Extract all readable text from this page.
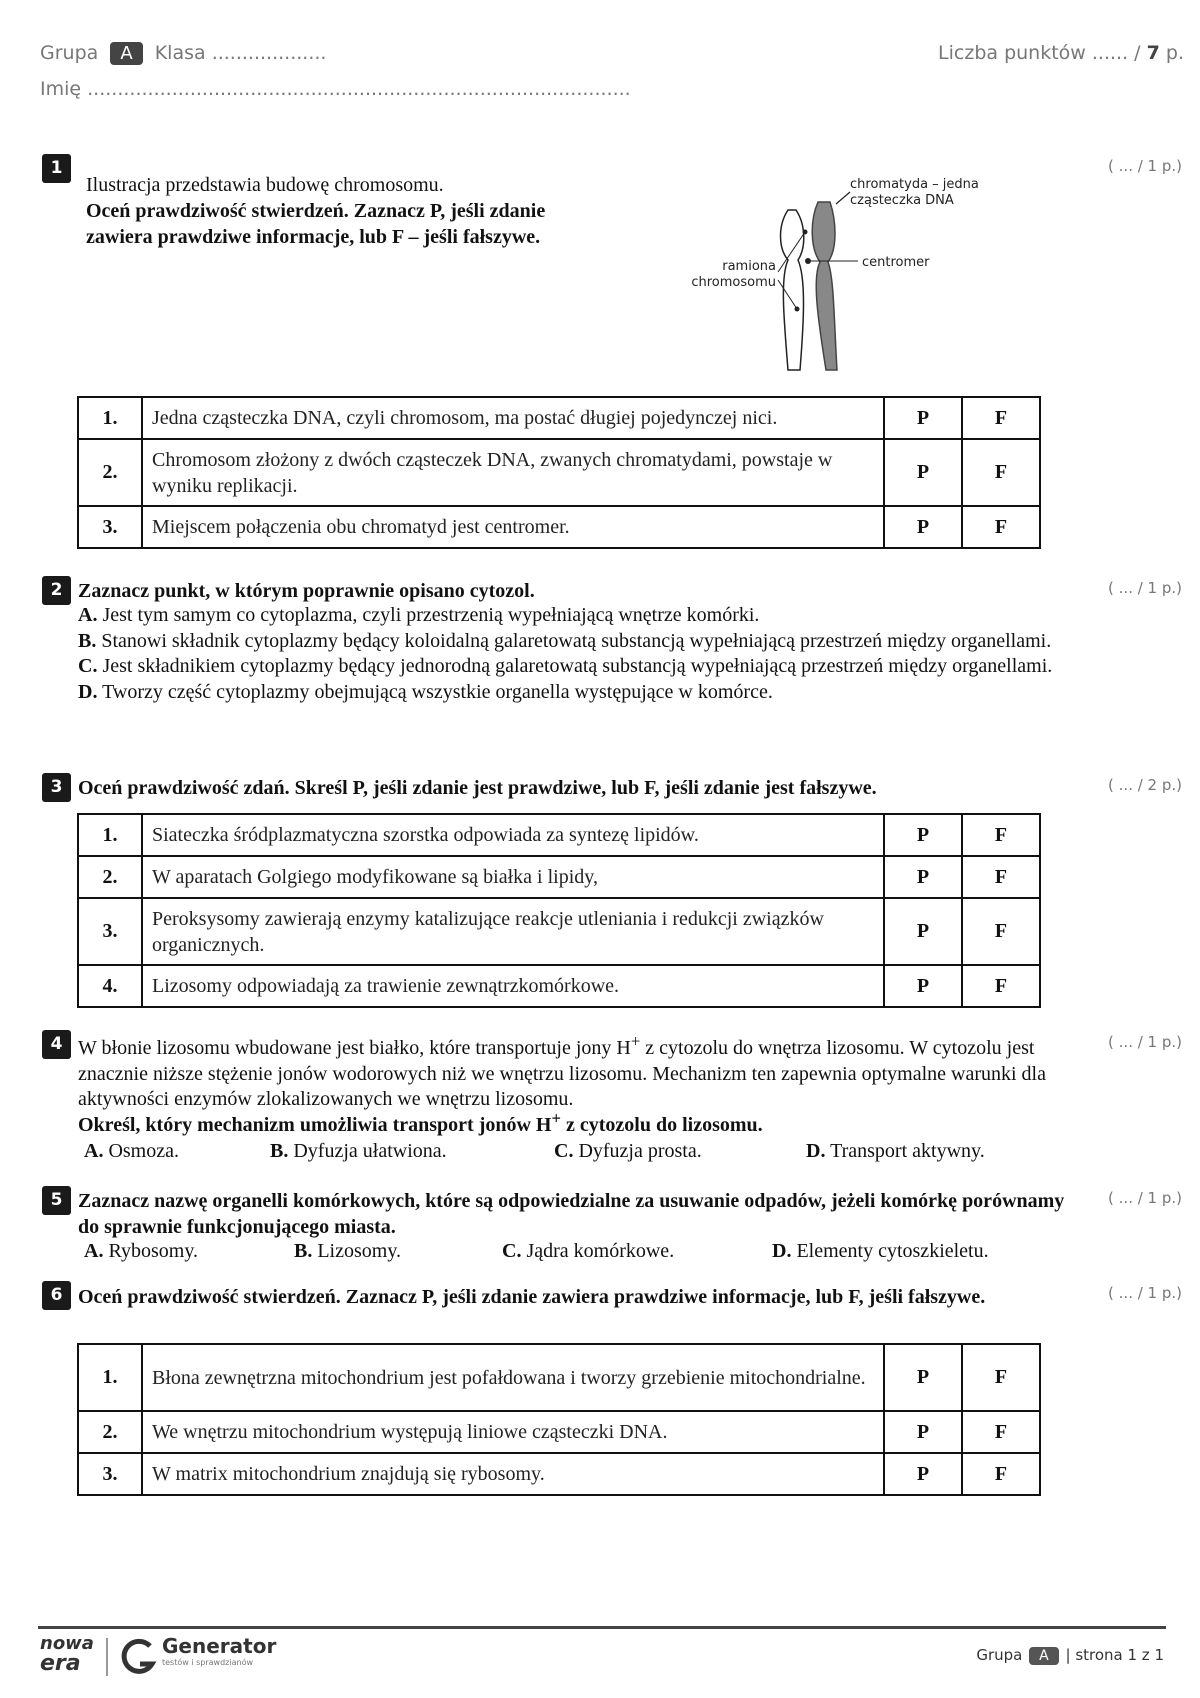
Grupa A Klasa ...................
Imię ..........................................................................................
Liczba punktów ...... / 7 p.
1	( ... / 1 p.)
Ilustracja przedstawia budowę chromosomu.
Oceń prawdziwość stwierdzeń. Zaznacz P, jeśli zdanie zawiera prawdziwe informacje, lub F – jeśli fałszywe.
chromatyda – jedna
cząsteczka DNA
ramiona
chromosomu
centromer
1.	Jedna cząsteczka DNA, czyli chromosom, ma postać długiej pojedynczej nici.	P	F
2.	Chromosom złożony z dwóch cząsteczek DNA, zwanych chromatydami, powstaje w wyniku replikacji.	P	F
3.	Miejscem połączenia obu chromatyd jest centromer.	P	F
2	( ... / 1 p.)
Zaznacz punkt, w którym poprawnie opisano cytozol.
A. Jest tym samym co cytoplazma, czyli przestrzenią wypełniającą wnętrze komórki.
B. Stanowi składnik cytoplazmy będący koloidalną galaretowatą substancją wypełniającą przestrzeń między organellami.
C. Jest składnikiem cytoplazmy będący jednorodną galaretowatą substancją wypełniającą przestrzeń między organellami.
D. Tworzy część cytoplazmy obejmującą wszystkie organella występujące w komórce.
3	( ... / 2 p.)
Oceń prawdziwość zdań. Skreśl P, jeśli zdanie jest prawdziwe, lub F, jeśli zdanie jest fałszywe.
1.	Siateczka śródplazmatyczna szorstka odpowiada za syntezę lipidów.	P	F
2.	W aparatach Golgiego modyfikowane są białka i lipidy,	P	F
3.	Peroksysomy zawierają enzymy katalizujące reakcje utleniania i redukcji związków organicznych.	P	F
4.	Lizosomy odpowiadają za trawienie zewnątrzkomórkowe.	P	F
4	( ... / 1 p.)
W błonie lizosomu wbudowane jest białko, które transportuje jony H+ z cytozolu do wnętrza lizosomu. W cytozolu jest znacznie niższe stężenie jonów wodorowych niż we wnętrzu lizosomu. Mechanizm ten zapewnia optymalne warunki dla aktywności enzymów zlokalizowanych we wnętrzu lizosomu.
Określ, który mechanizm umożliwia transport jonów H+ z cytozolu do lizosomu.
A. Osmoza.	B. Dyfuzja ułatwiona.	C. Dyfuzja prosta.	D. Transport aktywny.
5	( ... / 1 p.)
Zaznacz nazwę organelli komórkowych, które są odpowiedzialne za usuwanie odpadów, jeżeli komórkę porównamy do sprawnie funkcjonującego miasta.
A. Rybosomy.	B. Lizosomy.	C. Jądra komórkowe.	D. Elementy cytoszkieletu.
6	( ... / 1 p.)
Oceń prawdziwość stwierdzeń. Zaznacz P, jeśli zdanie zawiera prawdziwe informacje, lub F, jeśli fałszywe.
1.	Błona zewnętrzna mitochondrium jest pofałdowana i tworzy grzebienie mitochondrialne.	P	F
2.	We wnętrzu mitochondrium występują liniowe cząsteczki DNA.	P	F
3.	W matrix mitochondrium znajdują się rybosomy.	P	F
nowa
era
Generator
testów i sprawdzianów	Grupa A | strona 1 z 1
